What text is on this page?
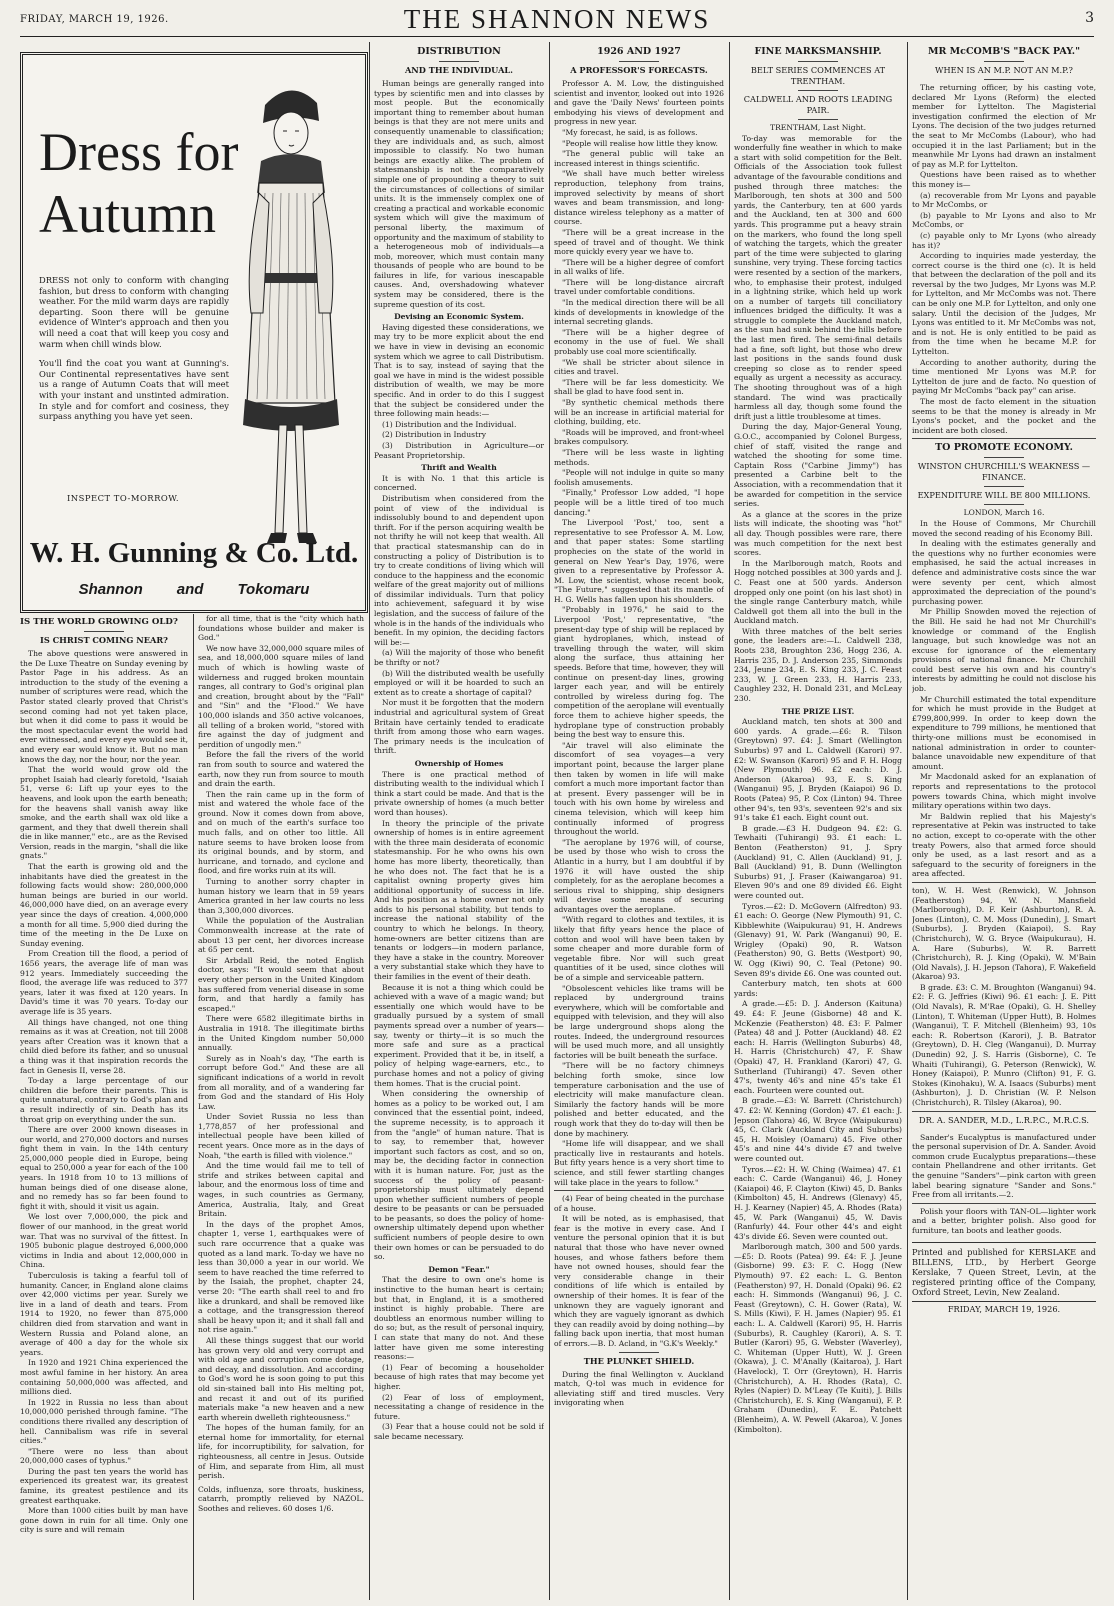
FRIDAY, MARCH 19, 1926.	THE SHANNON NEWS	3
Dress for
Autumn

DRESS not only to conform with changing fashion, but dress to conform with changing weather. For the mild warm days are rapidly departing. Soon there will be genuine evidence of Winter's approach and then you will need a coat that will keep you cosy and warm when chill winds blow.

You'll find the coat you want at Gunning's. Our Continental representatives have sent us a range of Autumn Coats that will meet with your instant and unstinted admiration. In style and for comfort and cosiness, they surpass anything you have yet seen.

INSPECT TO-MORROW.
W. H. Gunning & Co. Ltd.
Shannon and Tokomaru
IS THE WORLD GROWING OLD?
IS CHRIST COMING NEAR?

The above questions were answered in the De Luxe Theatre on Sunday evening by Pastor Page in his address. As an introduction to the study of the evening a number of scriptures were read, which the Pastor stated clearly proved that Christ's second coming had not yet taken place, but when it did come to pass it would be the most spectacular event the world had ever witnessed, and every eye would see it, and every ear would know it. But no man knows the day, nor the hour, nor the year.

That the world would grow old the prophet Isaiah had clearly foretold, "Isaiah 51, verse 6: Lift up your eyes to the heavens, and look upon the earth beneath; for the heavens shall vanish away like smoke, and the earth shall wax old like a garment, and they that dwell therein shall die in like manner," etc., are as the Revised Version, reads in the margin, "shall die like gnats."

That the earth is growing old and the inhabitants have died the greatest in the following facts would show: 280,000,000 human beings are buried in our world. 46,000,000 have died, on an average every year since the days of creation. 4,000,000 a month for all time. 5,900 died during the time of the meeting in the De Luxe on Sunday evening.

From Creation till the flood, a period of 1656 years, the average life of man was 912 years. Immediately succeeding the flood, the average life was reduced to 377 years, later it was fixed at 120 years. In David's time it was 70 years. To-day our average life is 35 years.

All things have changed, not one thing remains as it was at Creation, not till 2008 years after Creation was it known that a child died before its father, and so unusual a thing was it that inspiration records the fact in Genesis II, verse 28.

To-day a large percentage of our children die before their parents. This is quite unnatural, contrary to God's plan and a result indirectly of sin. Death has its throat grip on everything under the sun.

There are over 2000 known diseases in our world, and 270,000 doctors and nurses fight them in vain. In the 14th century 25,000,000 people died in Europe, being equal to 250,000 a year for each of the 100 years. In 1918 from 10 to 13 millions of human beings died of one disease alone, and no remedy has so far been found to fight it with, should it visit us again.

We lost over 7,000,000, the pick and flower of our manhood, in the great world war. That was no survival of the fittest. In 1905 bubonic plague destroyed 6,000,000 victims in India and about 12,000,000 in China.

Tuberculosis is taking a fearful toll of humanity. Cancer, in England alone claims over 42,000 victims per year. Surely we live in a land of death and tears. From 1914 to 1920, no fewer than 875,000 children died from starvation and want in Western Russia and Poland alone, an average of 400 a day for the whole six years.

In 1920 and 1921 China experienced the most awful famine in her history. An area containing 50,000,000 was affected, and millions died.

In 1922 in Russia no less than about 10,000,000 perished through famine. "The conditions there rivalled any description of hell. Cannibalism was rife in several cities."

"There were no less than about 20,000,000 cases of typhus."

During the past ten years the world has experienced its greatest war, its greatest famine, its greatest pestilence and its greatest earthquake.

More than 1000 cities built by man have gone down in ruin for all time. Only one city is sure and will remain

for all time, that is the "city which hath foundations whose builder and maker is God."

We now have 32,000,000 square miles of sea, and 18,000,000 square miles of land much of which is howling waste of wilderness and rugged broken mountain ranges, all contrary to God's original plan and creation, brought about by the "Fall" and "Sin" and the "Flood." We have 100,000 islands and 350 active volcanoes, all telling of a broken world, "stored with fire against the day of judgment and perdition of ungodly men."

Before the fall the rivers of the world ran from south to source and watered the earth, now they run from source to mouth and drain the earth.

Then the rain came up in the form of mist and watered the whole face of the ground. Now it comes down from above, and on much of the earth's surface too much falls, and on other too little. All nature seems to have broken loose from its original bounds, and by storm, and hurricane, and tornado, and cyclone and flood, and fire works ruin at its will.

Turning to another sorry chapter in human history we learn that in 59 years America granted in her law courts no less than 3,300,000 divorces.

While the population of the Australian Commonwealth increase at the rate of about 13 per cent, her divorces increase at 65 per cent.

Sir Arbdall Reid, the noted English doctor, says: "It would seem that about every other person in the United Kingdom has suffered from venerial disease in some form, and that hardly a family has escaped."

There were 6582 illegitimate births in Australia in 1918. The illegitimate births in the United Kingdom number 50,000 annually.

Surely as in Noah's day, "The earth is corrupt before God." And these are all significant indications of a world in revolt from all morality, and of a wandering far from God and the standard of His Holy Law.

Under Soviet Russia no less than 1,778,857 of her professional and intellectual people have been killed of recent years. Once more as in the days of Noah, "the earth is filled with violence."

And the time would fail me to tell of strife and strikes between capital and labour, and the enormous loss of time and wages, in such countries as Germany, America, Australia, Italy, and Great Britain.

In the days of the prophet Amos, chapter 1, verse 1, earthquakes were of such rare occurrence that a quake was quoted as a land mark. To-day we have no less than 30,000 a year in our world. We seem to have reached the time referred to by the Isaiah, the prophet, chapter 24, verse 20: "The earth shall reel to and fro like a drunkard, and shall be removed like a cottage, and the transgression thereof shall be heavy upon it; and it shall fall and not rise again."

All these things suggest that our world has grown very old and very corrupt and with old age and corruption come dotage, and decay, and dissolution. And according to God's word he is soon going to put this old sin-stained ball into His melting pot, and recast it and out of its purified materials make "a new heaven and a new earth wherein dwelleth righteousness."

The hopes of the human family, for an eternal home for immortality, for eternal life, for incorruptibility, for salvation, for righteousness, all centre in Jesus. Outside of Him, and separate from Him, all must perish.

Colds, influenza, sore throats, huskiness, catarrh, promptly relieved by NAZOL. Soothes and relieves. 60 doses 1/6.

DISTRIBUTION
AND THE INDIVIDUAL.

Human beings are generally ranged into types by scientific men and into classes by most people. But the economically important thing to remember about human beings is that they are not mere units and consequently unamenable to classification; they are individuals and, as such, almost impossible to classify. No two human beings are exactly alike. The problem of statesmanship is not the comparatively simple one of propounding a theory to suit the circumstances of collections of similar units. It is the immensely complex one of creating a practical and workable economic system which will give the maximum of personal liberty, the maximum of opportunity and the maximum of stability to a heterogeneous mob of individuals—a mob, moreover, which must contain many thousands of people who are bound to be failures in life, for various inescapable causes. And, overshadowing whatever system may be considered, there is the supreme question of its cost.

Devising an Economic System.

Having digested these considerations, we may try to be more explicit about the end we have in view in devising an economic system which we agree to call Distributism. That is to say, instead of saying that the goal we have in mind is the widest possible distribution of wealth, we may be more specific. And in order to do this I suggest that the subject be considered under the three following main heads:—

(1) Distribution and the Individual.

(2) Distribution in Industry

(3) Distribution in Agriculture—or Peasant Proprietorship.

Thrift and Wealth

It is with No. 1 that this article is concerned.

Distributism when considered from the point of view of the individual is indissolubly bound to and dependent upon thrift. For if the person acquiring wealth be not thrifty he will not keep that wealth. All that practical statesmanship can do in constructing a policy of Distribution is to try to create conditions of living which will conduce to the happiness and the economic welfare of the great majority out of millions of dissimilar individuals. Turn that policy into achievement, safeguard it by wise legislation, and the success of failure of the whole is in the hands of the individuals who benefit. In my opinion, the deciding factors will be:—

(a) Will the majority of those who benefit be thrifty or not?

(b) Will the distributed wealth be usefully employed or will it be hoarded to such an extent as to create a shortage of capital?

Nor must it be forgotten that the modern industrial and agricultural system of Great Britain have certainly tended to eradicate thrift from among those who earn wages. The primary needs is the inculcation of thrift.

Ownership of Homes

There is one practical method of distributing wealth to the individual which I think a start could be made. And that is the private ownership of homes (a much better word than houses).

In theory the principle of the private ownership of homes is in entire agreement with the three main desiderata of economic statesmanship. For he who owns his own home has more liberty, theoretically, than he who does not. The fact that he is a capitalist owning property gives him additional opportunity of success in life. And his position as a home owner not only adds to his personal stability, but tends to increase the national stability of the country to which he belongs. In theory, home-owners are better citizens than are tenants or lodgers—in modern parlance, they have a stake in the country. Moreover a very substantial stake which they have to their families in the event of their death.

Because it is not a thing which could be achieved with a wave of a magic wand; but essentially one which would have to be gradually pursued by a system of small payments spread over a number of years—say, twenty or thirty—it is so much the more safe and sure as a practical experiment. Provided that it be, in itself, a policy of helping wage-earners, etc., to purchase homes and not a policy of giving them homes. That is the crucial point.

When considering the ownership of homes as a policy to be worked out, I am convinced that the essential point, indeed, the supreme necessity, is to approach it from the "angle" of human nature. That is to say, to remember that, however important such factors as cost, and so on, may be, the deciding factor in connection with it is human nature. For, just as the success of the policy of peasant-proprietorship must ultimately depend upon whether sufficient numbers of people desire to be peasants or can be persuaded to be peasants, so does the policy of home-ownership ultimately depend upon whether sufficient numbers of people desire to own their own homes or can be persuaded to do so.

Demon "Fear."

That the desire to own one's home is instinctive to the human heart is certain; but that, in England, it is a smothered instinct is highly probable. There are doubtless an enormous number willing to do so; but, as the result of personal inquiry, I can state that many do not. And these latter have given me some interesting reasons:—

(1) Fear of becoming a householder because of high rates that may become yet higher.

(2) Fear of loss of employment, necessitating a change of residence in the future.

(3) Fear that a house could not be sold if sale became necessary.

1926 AND 1927
A PROFESSOR'S FORECASTS.

Professor A. M. Low, the distinguished scientist and inventor, looked out into 1926 and gave the 'Daily News' fourteen points embodying his views of development and progress in new year.

"My forecast, he said, is as follows.

"People will realise how little they know.

"The general public will take an increased interest in things scientific.

"We shall have much better wireless reproduction, telephony from trains, improved selectivity by means of short waves and beam transmission, and long-distance wireless telephony as a matter of course.

"There will be a great increase in the speed of travel and of thought. We think more quickly every year we have to.

"There will be a higher degree of comfort in all walks of life.

"There will be long-distance aircraft travel under comfortable conditions.

"In the medical direction there will be all kinds of developments in knowledge of the internal secreting glands.

"There will be a higher degree of economy in the use of fuel. We shall probably use coal more scientifically.

"We shall be stricter about silence in cities and travel.

"There will be far less domesticity. We shall be glad to have food sent in.

"By synthetic chemical methods there will be an increase in artificial material for clothing, building, etc.

"Roads will be improved, and front-wheel brakes compulsory.

"There will be less waste in lighting methods.

"People will not indulge in quite so many foolish amusements.

"Finally," Professor Low added, "I hope people will be a little tired of too much dancing."

The Liverpool 'Post,' too, sent a representative to see Professor A. M. Low, and that paper states: Some startling prophecies on the state of the world in general on New Year's Day, 1976, were given to a representative by Professor A. M. Low, the scientist, whose recent book, "The Future," suggested that its mantle of H. G. Wells has fallen upon his shoulders.

"Probably in 1976," he said to the Liverpool 'Post,' representative, "the present-day type of ship will be replaced by giant hydroplanes, which, instead of travelling through the water, will skim along the surface, thus attaining her speeds. Before that time, however, they will continue on present-day lines, growing larger each year, and will be entirely controlled by wireless during fog. The competition of the aeroplane will eventually force them to achieve higher speeds, the hydroplane type of construction probably being the best way to ensure this.

"Air travel will also eliminate the discomfort of sea voyages—a very important point, because the larger plane then taken by women in life will make comfort a much more important factor than at present. Every passenger will be in touch with his own home by wireless and cinema television, which will keep him continually informed of progress throughout the world.

"The aeroplane by 1976 will, of course, be used by those who wish to cross the Atlantic in a hurry, but I am doubtful if by 1976 it will have ousted the ship completely, for as the aeroplane becomes a serious rival to shipping, ship designers will devise some means of securing advantages over the aeroplane.

"With regard to clothes and textiles, it is likely that fifty years hence the place of cotton and wool will have been taken by some cheaper and more durable form of vegetable fibre. Nor will such great quantities of it be used, since clothes will be of a simple and serviceable pattern.

"Obsolescent vehicles like trams will be replaced by underground trains everywhere, which will be comfortable and equipped with television, and they will also be large underground shops along the routes. Indeed, the underground resources will be used much more, and all unsightly factories will be built beneath the surface.

"There will be no factory chimneys belching forth smoke, since low temperature carbonisation and the use of electricity will make manufacture clean. Similarly the factory hands will be more polished and better educated, and the rough work that they do to-day will then be done by machinery.

"Home life will disappear, and we shall practically live in restaurants and hotels. But fifty years hence is a very short time to science, and still fewer startling changes will take place in the years to follow."

(4) Fear of being cheated in the purchase of a house.

It will be noted, as is emphasised, that fear is the motive in every case. And I venture the personal opinion that it is but natural that those who have never owned houses, and whose fathers before them have not owned houses, should fear the very considerable change in their conditions of life which is entailed by ownership of their homes. It is fear of the unknown they are vaguely ignorant and which they are vaguely ignorant as dwhich they can readily avoid by doing nothing—by falling back upon inertia, that most human of errors.—B. D. Acland, in "G.K's Weekly."

THE PLUNKET SHIELD.

During the final Wellington v. Auckland match, Q-tol was much in evidence for alleviating stiff and tired muscles. Very invigorating when

FINE MARKSMANSHIP.
BELT SERIES COMMENCES AT TRENTHAM.
CALDWELL AND ROOTS LEADING PAIR.

TRENTHAM, Last Night.

To-day was memorable for the wonderfully fine weather in which to make a start with solid competition for the Belt. Officials of the Association took fullest advantage of the favourable conditions and pushed through three matches: the Marlborough, ten shots at 300 and 500 yards, the Canterbury, ten at 600 yards and the Auckland, ten at 300 and 600 yards. This programme put a heavy strain on the markers, who found the long spell of watching the targets, which the greater part of the time were subjected to glaring sunshine, very trying. These forcing tactics were resented by a section of the markers, who, to emphasise their protest, indulged in a lightning strike, which held up work on a number of targets till conciliatory influences bridged the difficulty. It was a struggle to complete the Auckland match, as the sun had sunk behind the hills before the last men fired. The semi-final details had a fine, soft light, but those who drew last positions in the sands found dusk creeping so close as to render speed equally as urgent a necessity as accuracy. The shooting throughout was of a high standard. The wind was practically harmless all day, though some found the drift just a little troublesome at times.

During the day, Major-General Young, G.O.C., accompanied by Colonel Burgess, chief of staff, visited the range and watched the shooting for some time. Captain Ross ("Carbine Jimmy") has presented a Carbine belt to the Association, with a recommendation that it be awarded for competition in the service series.

As a glance at the scores in the prize lists will indicate, the shooting was "hot" all day. Though possibles were rare, there was much competition for the next best scores.

In the Marlborough match, Roots and Hogg notched possibles at 300 yards and J. C. Feast one at 500 yards. Anderson dropped only one point (on his last shot) in the single range Canterbury match, while Caldwell got them all into the bull in the Auckland match.

With three matches of the belt series gone, the leaders are:—L. Caldwell 238, Roots 238, Broughton 236, Hogg 236, A. Harris 235, D. J. Anderson 235, Simmonds 234, Jeune 234, E. S. King 233, J. C. Feast 233, W. J. Green 233, H. Harris 233, Caughley 232, H. Donald 231, and McLeay 230.

THE PRIZE LIST.

Auckland match, ten shots at 300 and 600 yards. A grade.—£6: R. Tilson (Greytown) 97. £4: J. Smart (Wellington Suburbs) 97 and L. Caldwell (Karori) 97. £2: W. Swanson (Karori) 95 and F. H. Hogg (New Plymouth) 96. £2 each: D. J. Anderson (Akaroa) 93, E. S. King (Wanganui) 95, J. Bryden (Kaiapoi) 96 D. Roots (Patea) 95, P. Cox (Linton) 94. Three other 94's, ten 93's, seventeen 92's and six 91's take £1 each. Eight count out.

B grade.—£3 H. Dudgeon 94. £2: G. Tewhaiti (Tuhirangi) 93. £1 each: L. Benton (Featherston) 91, J. Spry (Auckland) 91, C. Allen (Auckland) 91, J. Ball (Auckland) 91, B. Dunn (Wellington Suburbs) 91, J. Fraser (Kaiwangaroa) 91. Eleven 90's and one 89 divided £6. Eight were counted out.

Tyros.—£2: D. McGovern (Alfredton) 93. £1 each: O. George (New Plymouth) 91, C. Kibblewhite (Waipukurau) 91, H. Andrews (Glenavy) 91, W. Park (Wanganui) 90, E. Wrigley (Opaki) 90, R. Watson (Featherston) 90, G. Betts (Westport) 90, W. Ogg (Kiwi) 90, C. Teal (Petone) 90. Seven 89's divide £6. One was counted out.

Canterbury match, ten shots at 600 yards:

A grade.—£5: D. J. Anderson (Kaituna) 49. £4: F. Jeune (Gisborne) 48 and K. McKenzie (Featherston) 48. £3: F. Palmer (Patea) 48 and J. Potter (Auckland) 48. £2 each: H. Harris (Wellington Suburbs) 48, H. Harris (Christchurch) 47, F. Shaw (Opaki) 47, H. Frankland (Karori) 47, G. Sutherland (Tuhirangi) 47. Seven other 47's, twenty 46's and nine 45's take £1 each. Fourteen were counted out.

B grade.—£3: W. Barrett (Christchurch) 47. £2: W. Kenning (Gordon) 47. £1 each: J. Jepson (Tahora) 46, W. Bryce (Waipukurau) 45, C. Clark (Auckland City and Suburbs) 45, H. Moisley (Oamaru) 45. Five other 45's and nine 44's divide £7 and twelve were counted out.

Tyros.—£2: H. W. Ching (Waimea) 47. £1 each: C. Carde (Wanganui) 46, J. Honey (Kaiapoi) 46, F. Clayton (Kiwi) 45, D. Banks (Kimbolton) 45, H. Andrews (Glenavy) 45, H. J. Kearney (Napier) 45, A. Rhodes (Rata) 45, W. Park (Wanganui) 45, W. Davis (Ranfurly) 44. Four other 44's and eight 43's divide £6. Seven were counted out.

Marlborough match, 300 and 500 yards.—£5: D. Roots (Patea) 99. £4: F. J. Jeune (Gisborne) 99. £3: F. C. Hogg (New Plymouth) 97. £2 each: L. G. Benton (Featherston) 97, H. Donald (Opaki) 96. £2 each: H. Simmonds (Wanganui) 96, J. C. Feast (Greytown), C. H. Gower (Rata), W. S. Mills (Kiwi), F. H. James (Napier) 95. £1 each: L. A. Caldwell (Karori) 95, H. Harris (Suburbs), R. Caughley (Karori), A. S. T. Butler (Karori) 95, G. Webster (Waverley), C. Whiteman (Upper Hutt), W. J. Green (Okawa), J. C. M'Anally (Kaitaroa), J. Hart (Havelock), T. Orr (Greytown), H. Harris (Christchurch), A. H. Rhodes (Rata), C. Ryles (Napier) D. M'Leay (Te Kuiti), J. Bills (Christchurch), E. S. King (Wanganui), F. P. Graham (Dunedin), F. E. Patchett (Blenheim), A. W. Pewell (Akaroa), V. Jones (Kimbolton).

MR McCOMB'S "BACK PAY."
WHEN IS AN M.P. NOT AN M.P.?

The returning officer, by his casting vote, declared Mr Lyons (Reform) the elected member for Lyttelton. The Magisterial investigation confirmed the election of Mr Lyons. The decision of the two judges returned the seat to Mr McCombs (Labour), who had occupied it in the last Parliament; but in the meanwhile Mr Lyons had drawn an instalment of pay as M.P. for Lyttelton.

Questions have been raised as to whether this money is—

(a) recoverable from Mr Lyons and payable to Mr McCombs, or

(b) payable to Mr Lyons and also to Mr McCombs, or

(c) payable only to Mr Lyons (who already has it)?

According to inquiries made yesterday, the correct course is the third one (c). It is held that between the declaration of the poll and its reversal by the two Judges, Mr Lyons was M.P. for Lyttelton, and Mr McCombs was not. There can be only one M.P. for Lyttelton, and only one salary. Until the decision of the Judges, Mr Lyons was entitled to it. Mr McCombs was not, and is not. He is only entitled to be paid as from the time when he became M.P. for Lyttelton.

According to another authority, during the time mentioned Mr Lyons was M.P. for Lyttelton de jure and de facto. No question of paying Mr McCombs "back pay" can arise.

The most de facto element in the situation seems to be that the money is already in Mr Lyons's pocket, and the pocket and the incident are both closed.

TO PROMOTE ECONOMY.
WINSTON CHURCHILL'S WEAKNESS —FINANCE.
EXPENDITURE WILL BE 800 MILLIONS.

LONDON, March 16.

In the House of Commons, Mr Churchill moved the second reading of his Economy Bill.

In dealing with the estimates generally and the questions why no further economies were emphasised, he said the actual increases in defence and administrative costs since the war were seventy per cent, which almost approximated the depreciation of the pound's purchasing power.

Mr Phillip Snowden moved the rejection of the Bill. He said he had not Mr Churchill's knowledge or command of the English language, but such knowledge was not an excuse for ignorance of the elementary provisions of national finance. Mr Churchill could best serve his own and his country's interests by admitting he could not disclose his job.

Mr Churchill estimated the total expenditure for which he must provide in the Budget at £799,800,999. In order to keep down the expenditure to 799 millions, he mentioned that thirty-one millions must be economised in national administration in order to counter-balance unavoidable new expenditure of that amount.

Mr Macdonald asked for an explanation of reports and representations to the protocol powers towards China, which might involve military operations within two days.

Mr Baldwin replied that his Majesty's representative at Pekin was instructed to take no action, except to co-operate with the other treaty Powers, also that armed force should only be used, as a last resort and as a safeguard to the security of foreigners in the area affected.

ton), W. H. West (Renwick), W. Johnson (Featherston) 94, W. N. Mansfield (Marlborough), D. F. Keir (Ashburton), R. A. Jones (Linton), C. M. Moss (Dunedin), J. Smart (Suburbs), J. Bryden (Kaiapoi), S. Ray (Christchurch), W. G. Bryce (Waipukurau), H. A. Hare (Suburbs), W. R. Barrett (Christchurch), R. J. King (Opaki), W. M'Bain (Old Navals), J. H. Jepson (Tahora), F. Wakefield (Akaroa) 93.

B grade. £3: C. M. Broughton (Wanganui) 94. £2: F. G. Jeffries (Kiwi) 96. £1 each: J. E. Pitt (Old Navals), R. M'Rae (Opaki), G. H. Shelley (Linton), T. Whiteman (Upper Hutt), B. Holmes (Wanganui), T. F. Mitchell (Blenheim) 93, 10s each: R. Robertson (Karori), J. B. Batrator (Greytown), D. H. Cleg (Wanganui), D. Murray (Dunedin) 92, J. S. Harris (Gisborne), C. Te Whaiti (Tuhirangi), G. Peterson (Renwick), W. Honey (Kaiapoi), P. Munro (Clifton) 91, F. G. Stokes (Kinohaku), W. A. Isaacs (Suburbs) ment (Ashburton), J. D. Christian (W. P. Nelson (Christchurch), R. Tilsley (Akaroa), 90.

DR. A. SANDER, M.D., L.R.P.C., M.R.C.S.

Sander's Eucalyptus is manufactured under the personal supervision of Dr. A. Sander. Avoid common crude Eucalyptus preparations—these contain Phellandrene and other irritants. Get the genuine "Sanders"—pink carton with green label bearing signature "Sander and Sons." Free from all irritants.—2.

Polish your floors with TAN-OL—lighter work and a better, brighter polish. Also good for furniture, tan boots and leather goods.

Printed and published for KERSLAKE and BILLENS, LTD., by Herbert George Kerslake, 7 Queen Street, Levin, at the registered printing office of the Company, Oxford Street, Levin, New Zealand.
FRIDAY, MARCH 19, 1926.
